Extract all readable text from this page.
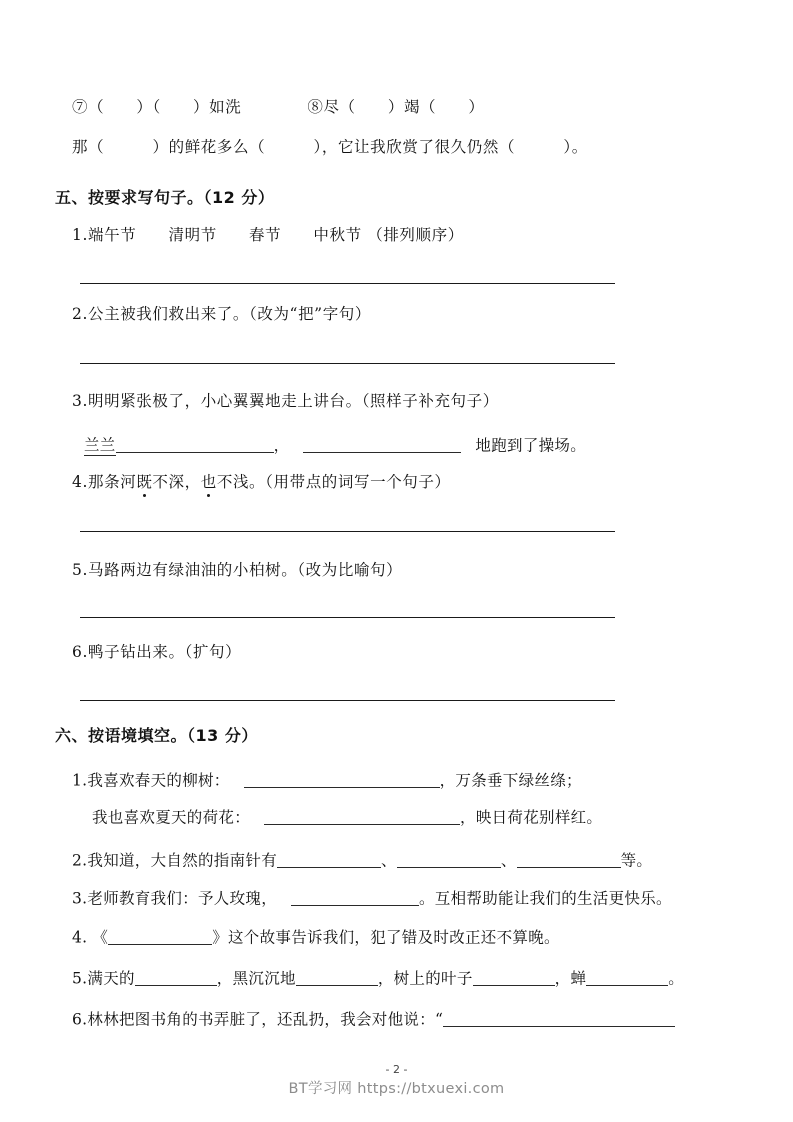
⑦（　　）（　　）如洗	⑧尽（　　）竭（　　）
那（　　　）的鲜花多么（　　　），它让我欣赏了很久仍然（　　　）。
五、按要求写句子。（12 分）
1.端午节　　清明节　　春节　　中秋节 （排列顺序）
2.公主被我们救出来了。（改为“把”字句）
3.明明紧张极了，小心翼翼地走上讲台。（照样子补充句子）
兰兰	，	地跑到了操场。
4.那条河既不深，也不浅。（用带点的词写一个句子）
5.马路两边有绿油油的小柏树。（改为比喻句）
6.鸭子钻出来。（扩句）
六、按语境填空。（13 分）
1.我喜欢春天的柳树：	，万条垂下绿丝绦；
我也喜欢夏天的荷花：	，映日荷花别样红。
2.我知道，大自然的指南针有	、	、	等。
3.老师教育我们：予人玫瑰，	。互相帮助能让我们的生活更快乐。
4. 《	》这个故事告诉我们，犯了错及时改正还不算晚。
5.满天的	，黑沉沉地	，树上的叶子	，蝉	。
6.林林把图书角的书弄脏了，还乱扔，我会对他说：“
- 2 -
BT学习网 https://btxuexi.com
